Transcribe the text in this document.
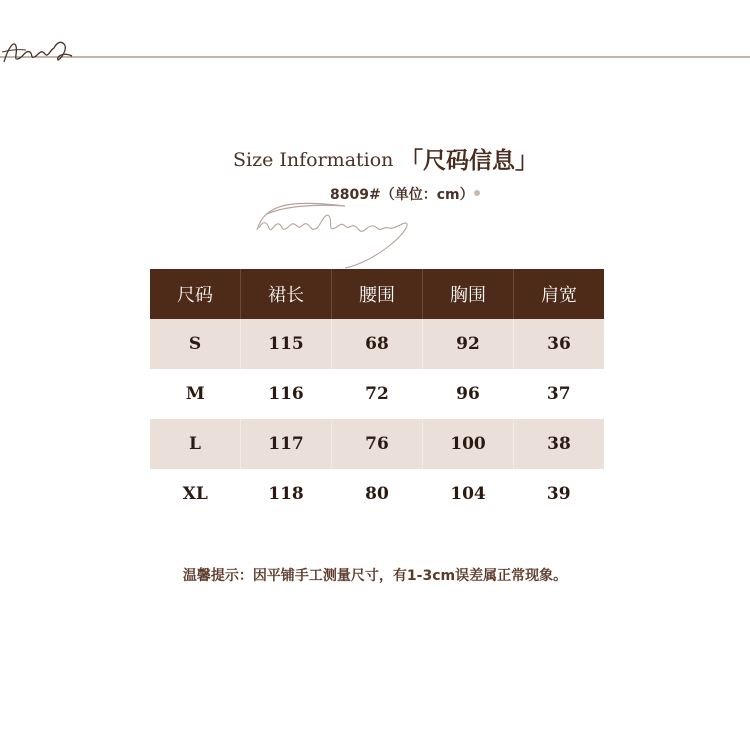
Size Information 「尺码信息」
8809#（单位：cm）
尺码	裙长	腰围	胸围	肩宽
S	115	68	92	36
M	116	72	96	37
L	117	76	100	38
XL	118	80	104	39
温馨提示：因平铺手工测量尺寸，有1-3cm误差属正常现象。
